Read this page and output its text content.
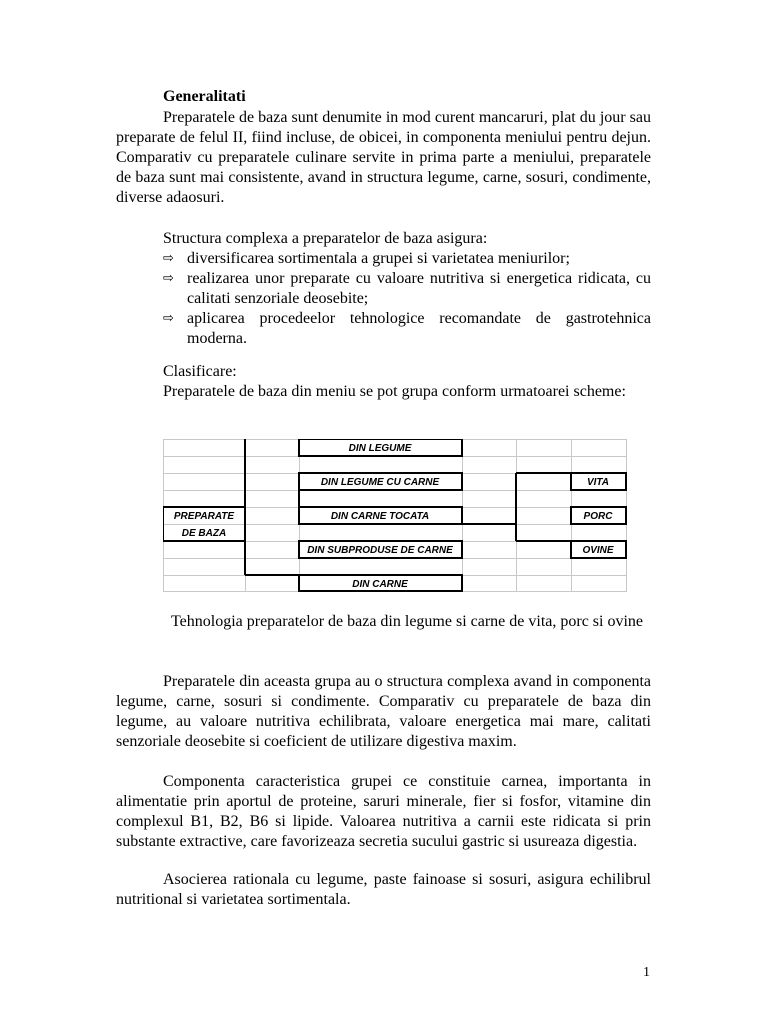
Generalitati

Preparatele de baza sunt denumite in mod curent mancaruri, plat du jour sau preparate de felul II, fiind incluse, de obicei, in componenta meniului pentru dejun. Comparativ cu preparatele culinare servite in prima parte a meniului, preparatele de baza sunt mai consistente, avand in structura legume, carne, sosuri, condimente, diverse adaosuri.

Structura complexa a preparatelor de baza asigura:
⇨ diversificarea sortimentala a grupei si varietatea meniurilor;
⇨ realizarea unor preparate cu valoare nutritiva si energetica ridicata, cu calitati senzoriale deosebite;
⇨ aplicarea procedeelor tehnologice recomandate de gastrotehnica moderna.
Clasificare:

Preparatele de baza din meniu se pot grupa conform urmatoarei scheme:

PREPARATE
DE BAZA
DIN LEGUME
DIN LEGUME CU CARNE
DIN CARNE TOCATA
DIN SUBPRODUSE DE CARNE
DIN CARNE
VITA
PORC
OVINE
Tehnologia preparatelor de baza din legume si carne de vita, porc si ovine

Preparatele din aceasta grupa au o structura complexa avand in componenta legume, carne, sosuri si condimente. Comparativ cu preparatele de baza din legume, au valoare nutritiva echilibrata, valoare energetica mai mare, calitati senzoriale deosebite si coeficient de utilizare digestiva maxim.

Componenta caracteristica grupei ce constituie carnea, importanta in alimentatie prin aportul de proteine, saruri minerale, fier si fosfor, vitamine din complexul B1, B2, B6 si lipide. Valoarea nutritiva a carnii este ridicata si prin substante extractive, care favorizeaza secretia sucului gastric si usureaza digestia.

Asocierea rationala cu legume, paste fainoase si sosuri, asigura echilibrul nutritional si varietatea sortimentala.

1
